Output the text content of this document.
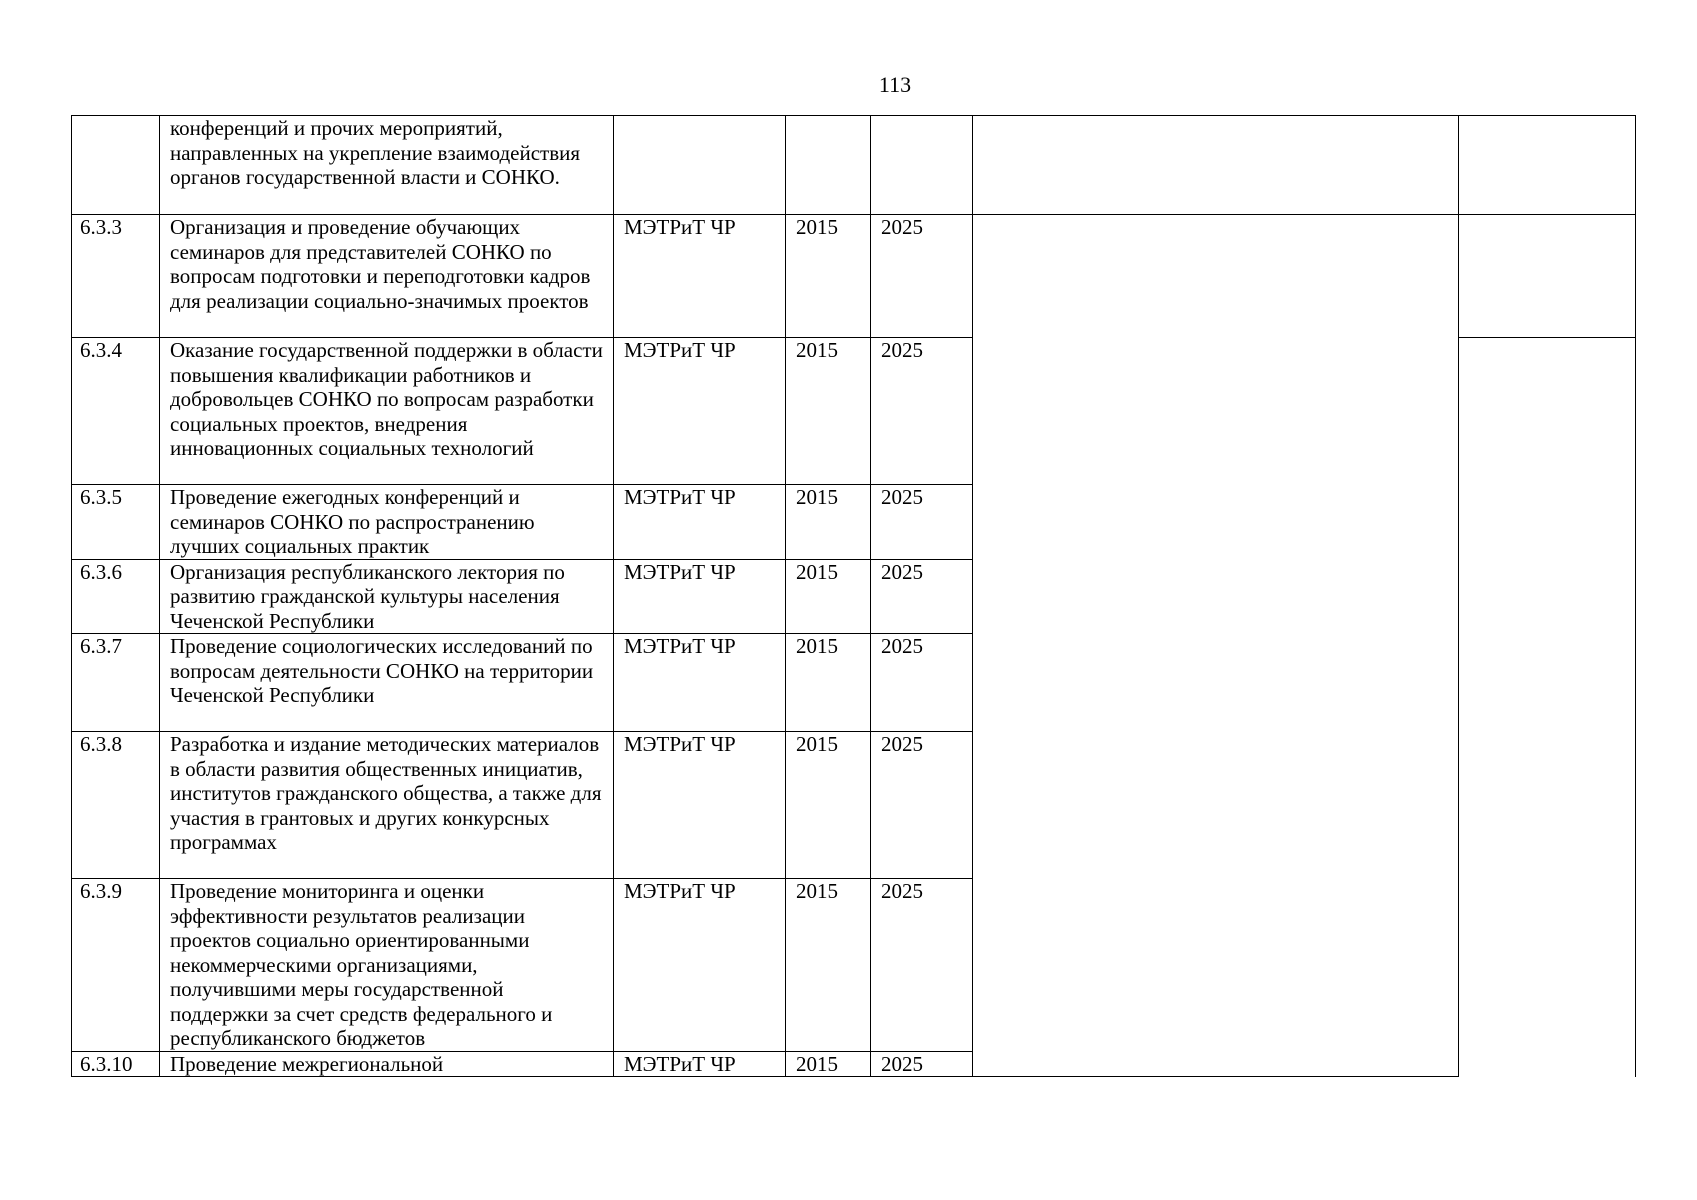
113
	конференций и прочих мероприятий, направленных на укрепление взаимодействия органов государственной власти и СОНКО.					
6.3.3	Организация и проведение обучающих семинаров для представителей СОНКО по вопросам подготовки и переподготовки кадров для реализации социально-значимых проектов	МЭТРиТ ЧР	2015	2025		
6.3.4	Оказание государственной поддержки в области повышения квалификации работников и добровольцев СОНКО по вопросам разработки социальных проектов, внедрения инновационных социальных технологий	МЭТРиТ ЧР	2015	2025		
6.3.5	Проведение ежегодных конференций и семинаров СОНКО по распространению лучших социальных практик	МЭТРиТ ЧР	2015	2025		
6.3.6	Организация республиканского лектория по развитию гражданской культуры населения Чеченской Республики	МЭТРиТ ЧР	2015	2025		
6.3.7	Проведение социологических исследований по вопросам деятельности СОНКО на территории Чеченской Республики	МЭТРиТ ЧР	2015	2025		
6.3.8	Разработка и издание методических материалов в области развития общественных инициатив, институтов гражданского общества, а также для участия в грантовых и других конкурсных программах	МЭТРиТ ЧР	2015	2025		
6.3.9	Проведение мониторинга и оценки эффективности результатов реализации проектов социально ориентированными некоммерческими организациями, получившими меры государственной поддержки за счет средств федерального и республиканского бюджетов	МЭТРиТ ЧР	2015	2025		
6.3.10	Проведение межрегиональной	МЭТРиТ ЧР	2015	2025		
